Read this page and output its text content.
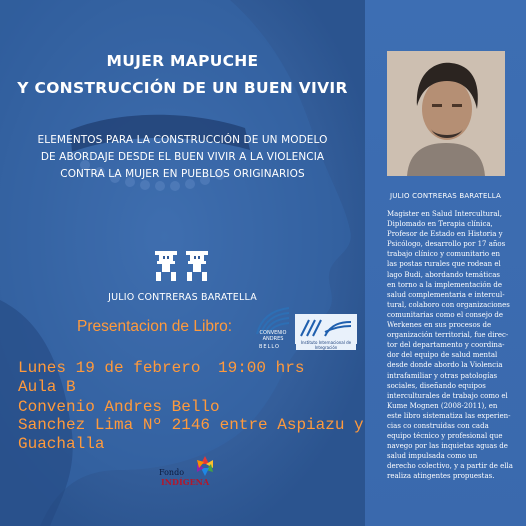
MUJER MAPUCHE
Y CONSTRUCCIÓN DE UN BUEN VIVIR
ELEMENTOS PARA LA CONSTRUCCIÓN DE UN MODELO
DE ABORDAJE DESDE EL BUEN VIVIR A LA VIOLENCIA
CONTRA LA MUJER EN PUEBLOS ORIGINARIOS
JULIO CONTRERAS BARATELLA
Presentacion de Libro:
Lunes 19 de febrero 19:00 hrs
Aula B
Convenio Andres Bello
Sanchez Lima Nº 2146 entre Aspiazu y
Guachalla
CONVENIO
ANDRES
BELLO
Instituto Internacional de Integración
Fondo
INDÍGENA
JULIO CONTRERAS BARATELLA
Magister en Salud Intercultural,
Diplomado en Terapia clínica,
Profesor de Estado en Historia y
Psicólogo, desarrollo por 17 años
trabajo clínico y comunitario en
las postas rurales que rodean el
lago Budi, abordando temáticas
en torno a la implementación de
salud complementaria e intercul-
tural, colaboro con organizaciones
comunitarias como el consejo de
Werkenes en sus procesos de
organización territorial, fue direc-
tor del departamento y coordina-
dor del equipo de salud mental
desde donde abordo la Violencia
intrafamiliar y otras patologías
sociales, diseñando equipos
interculturales de trabajo como el
Kume Mognen (2008-2011), en
este libro sistematiza las experien-
cias co construidas con cada
equipo técnico y profesional que
navego por las inquietas aguas de
salud impulsada como un
derecho colectivo, y a partir de ella
realiza atingentes propuestas.
